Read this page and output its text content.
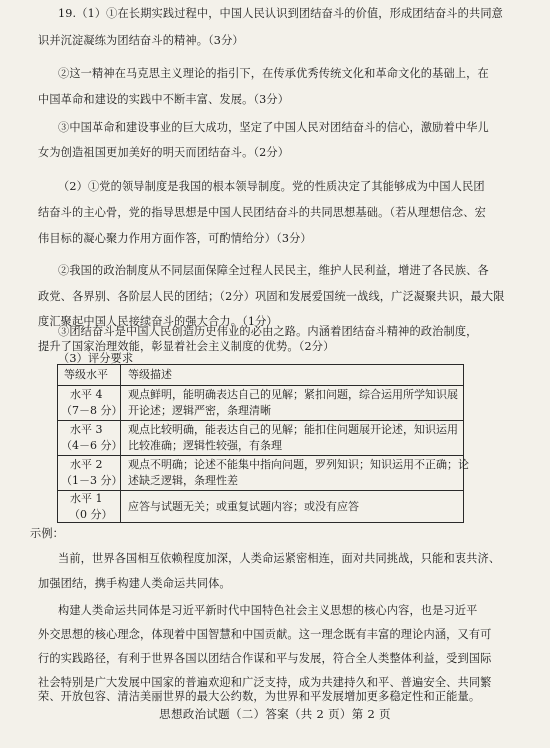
19.（1）①在长期实践过程中，中国人民认识到团结奋斗的价值，形成团结奋斗的共同意
识并沉淀凝练为团结奋斗的精神。（3分）
②这一精神在马克思主义理论的指引下，在传承优秀传统文化和革命文化的基础上，在
中国革命和建设的实践中不断丰富、发展。（3分）
③中国革命和建设事业的巨大成功，坚定了中国人民对团结奋斗的信心，激励着中华儿
女为创造祖国更加美好的明天而团结奋斗。（2分）
（2）①党的领导制度是我国的根本领导制度。党的性质决定了其能够成为中国人民团
结奋斗的主心骨，党的指导思想是中国人民团结奋斗的共同思想基础。（若从理想信念、宏
伟目标的凝心聚力作用方面作答，可酌情给分）（3分）
②我国的政治制度从不同层面保障全过程人民民主，维护人民利益，增进了各民族、各
政党、各界别、各阶层人民的团结；（2分）巩固和发展爱国统一战线，广泛凝聚共识，最大限
度汇聚起中国人民接续奋斗的强大合力。（1分）
③团结奋斗是中国人民创造历史伟业的必由之路。内涵着团结奋斗精神的政治制度，
等级水平 等级描述
水平 4
（7－8 分）
观点鲜明，能明确表达自己的见解；紧扣问题，综合运用所学知识展
开论述；逻辑严密，条理清晰
水平 3
（4－6 分）
观点比较明确，能表达自己的见解；能扣住问题展开论述，知识运用
比较准确；逻辑性较强，有条理
水平 2
（1－3 分）
观点不明确；论述不能集中指向问题，罗列知识；知识运用不正确；论
述缺乏逻辑，条理性差
水平 1
（0 分）
应答与试题无关；或重复试题内容；或没有应答
示例：
当前，世界各国相互依赖程度加深，人类命运紧密相连，面对共同挑战，只能和衷共济、
加强团结，携手构建人类命运共同体。
构建人类命运共同体是习近平新时代中国特色社会主义思想的核心内容，也是习近平
外交思想的核心理念，体现着中国智慧和中国贡献。这一理念既有丰富的理论内涵，又有可
行的实践路径，有利于世界各国以团结合作谋和平与发展，符合全人类整体利益，受到国际
社会特别是广大发展中国家的普遍欢迎和广泛支持，成为共建持久和平、普遍安全、共同繁
思想政治试题（二）答案（共 2 页）第 2 页
提升了国家治理效能，彰显着社会主义制度的优势。（2分）
（3）评分要求
荣、开放包容、清洁美丽世界的最大公约数，为世界和平发展增加更多稳定性和正能量。
